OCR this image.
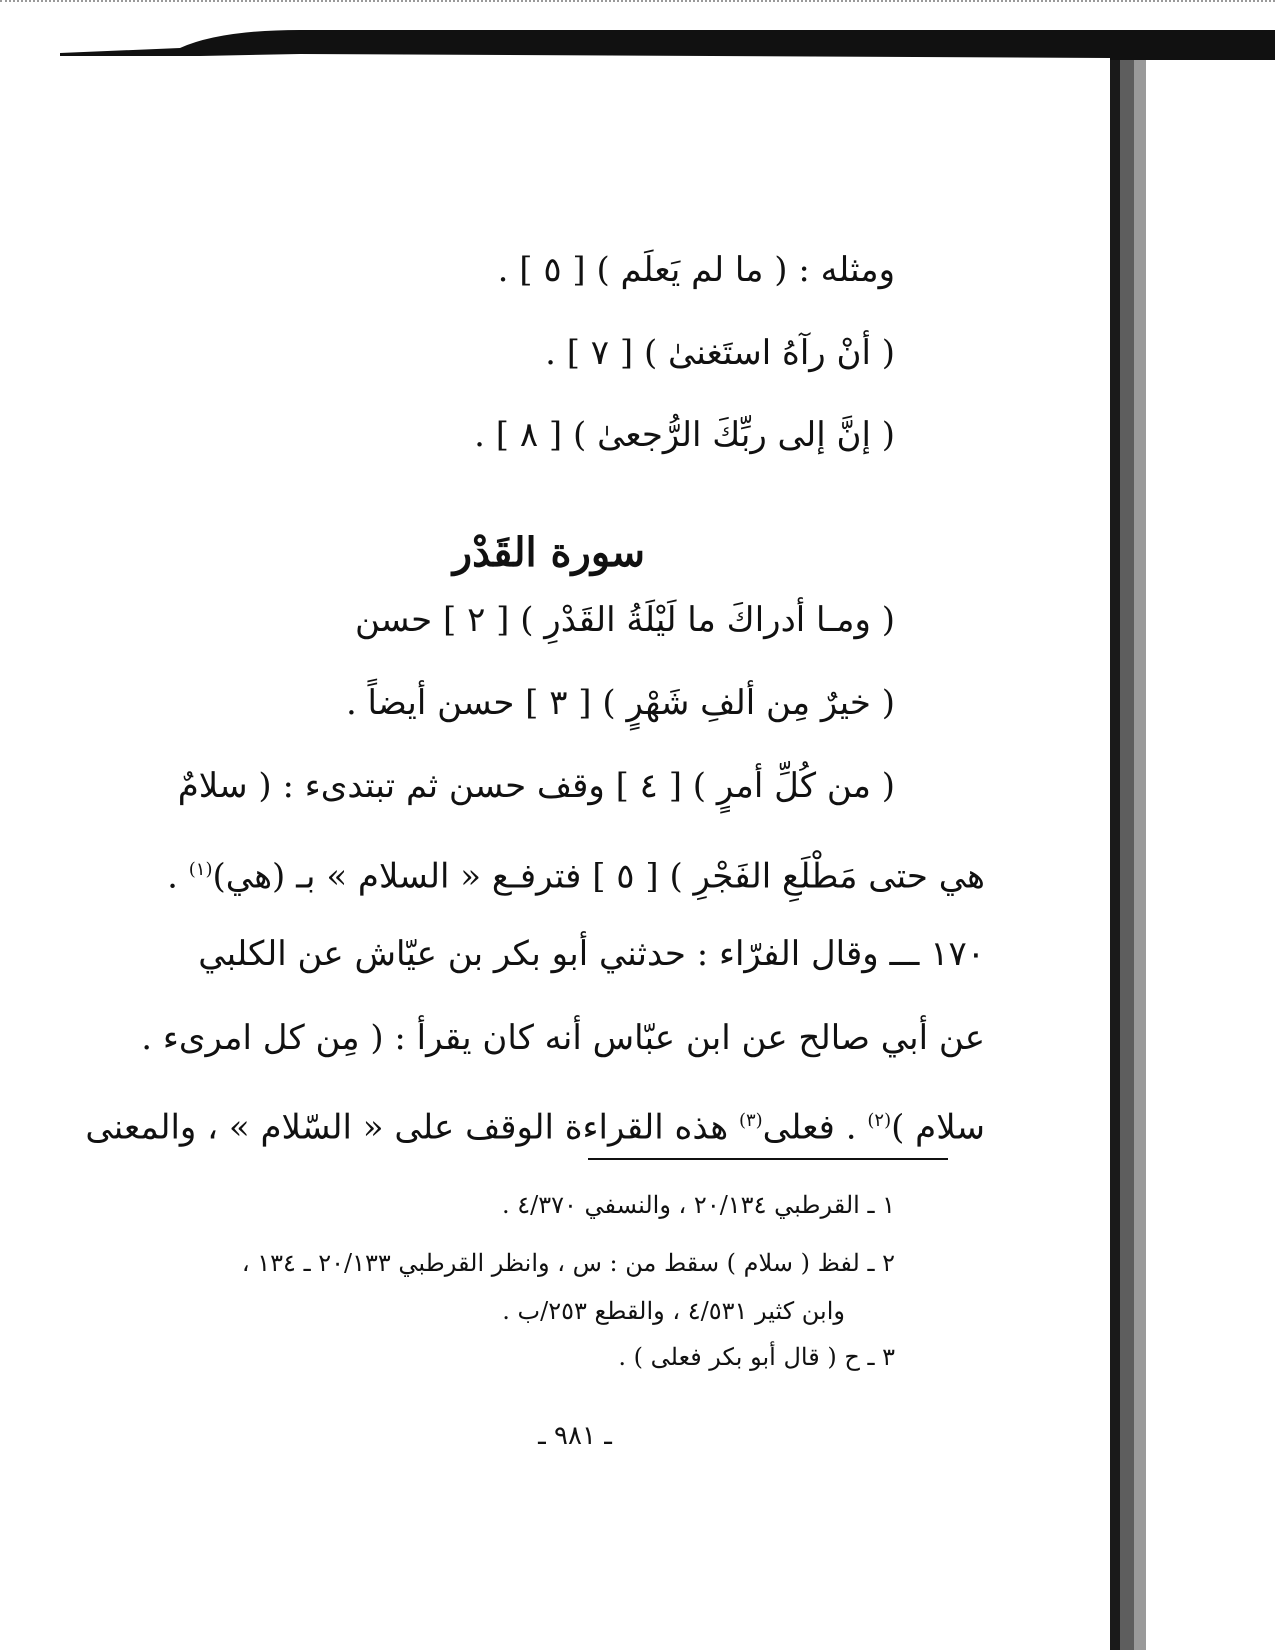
ومثله : ( ما لم يَعلَم ) [ ٥ ] .

( أنْ رآهُ استَغنىٰ ) [ ٧ ] .

( إنَّ إلى ربِّكَ الرُّجعىٰ ) [ ٨ ] .

سورة القَدْر

( ومـا أدراكَ ما لَيْلَةُ القَدْرِ ) [ ٢ ] حسن

( خيرٌ مِن ألفِ شَهْرٍ ) [ ٣ ] حسن أيضاً .

( من كُلِّ أمرٍ ) [ ٤ ] وقف حسن ثم تبتدىء : ( سلامٌ

هي حتى مَطْلَعِ الفَجْرِ ) [ ٥ ] فترفـع « السلام » بـ (هي)$^{(١)}$ .

١٧٠ ـــ وقال الفرّاء : حدثني أبو بكر بن عيّاش عن الكلبي

عن أبي صالح عن ابن عبّاس أنه كان يقرأ : ( مِن كل امرىء .

سلام )$^{(٢)}$ . فعلى$^{(٣)}$ هذه القراءة الوقف على « السّلام » ، والمعنى

١ ـ القرطبي ٢٠/١٣٤ ، والنسفي ٤/٣٧٠ .

٢ ـ لفظ ( سلام ) سقط من : س ، وانظر القرطبي ٢٠/١٣٣ ـ ١٣٤ ،

وابن كثير ٤/٥٣١ ، والقطع ٢٥٣/ب .

٣ ـ ح ( قال أبو بكر فعلى ) .

ـ ٩٨١ ـ
